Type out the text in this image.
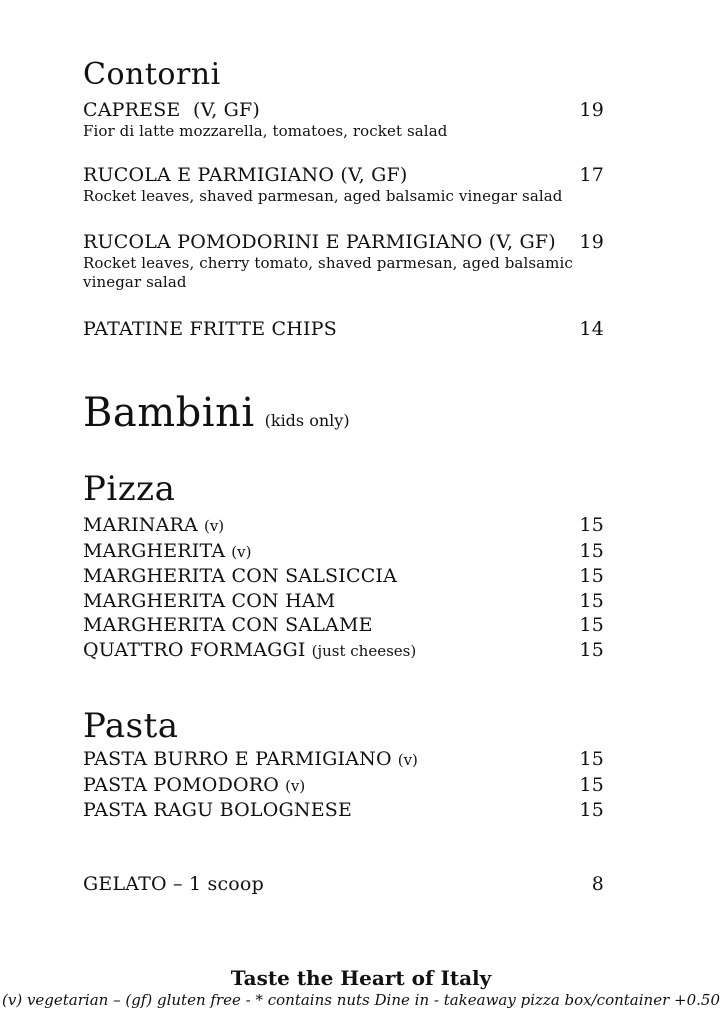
Contorni
CAPRESE  (V, GF)	19
Fior di latte mozzarella, tomatoes, rocket salad
RUCOLA E PARMIGIANO (V, GF)	17
Rocket leaves, shaved parmesan, aged balsamic vinegar salad
RUCOLA POMODORINI E PARMIGIANO (V, GF)	19
Rocket leaves, cherry tomato, shaved parmesan, aged balsamic vinegar salad
PATATINE FRITTE CHIPS	14
Bambini (kids only)
Pizza
MARINARA (v)	15
MARGHERITA (v)	15
MARGHERITA CON SALSICCIA	15
MARGHERITA CON HAM	15
MARGHERITA CON SALAME	15
QUATTRO FORMAGGI (just cheeses)	15
Pasta
PASTA BURRO E PARMIGIANO (v)	15
PASTA POMODORO (v)	15
PASTA RAGU BOLOGNESE	15
GELATO – 1 scoop	8
Taste the Heart of Italy
(v) vegetarian – (gf) gluten free - * contains nuts Dine in - takeaway pizza box/container +0.50
